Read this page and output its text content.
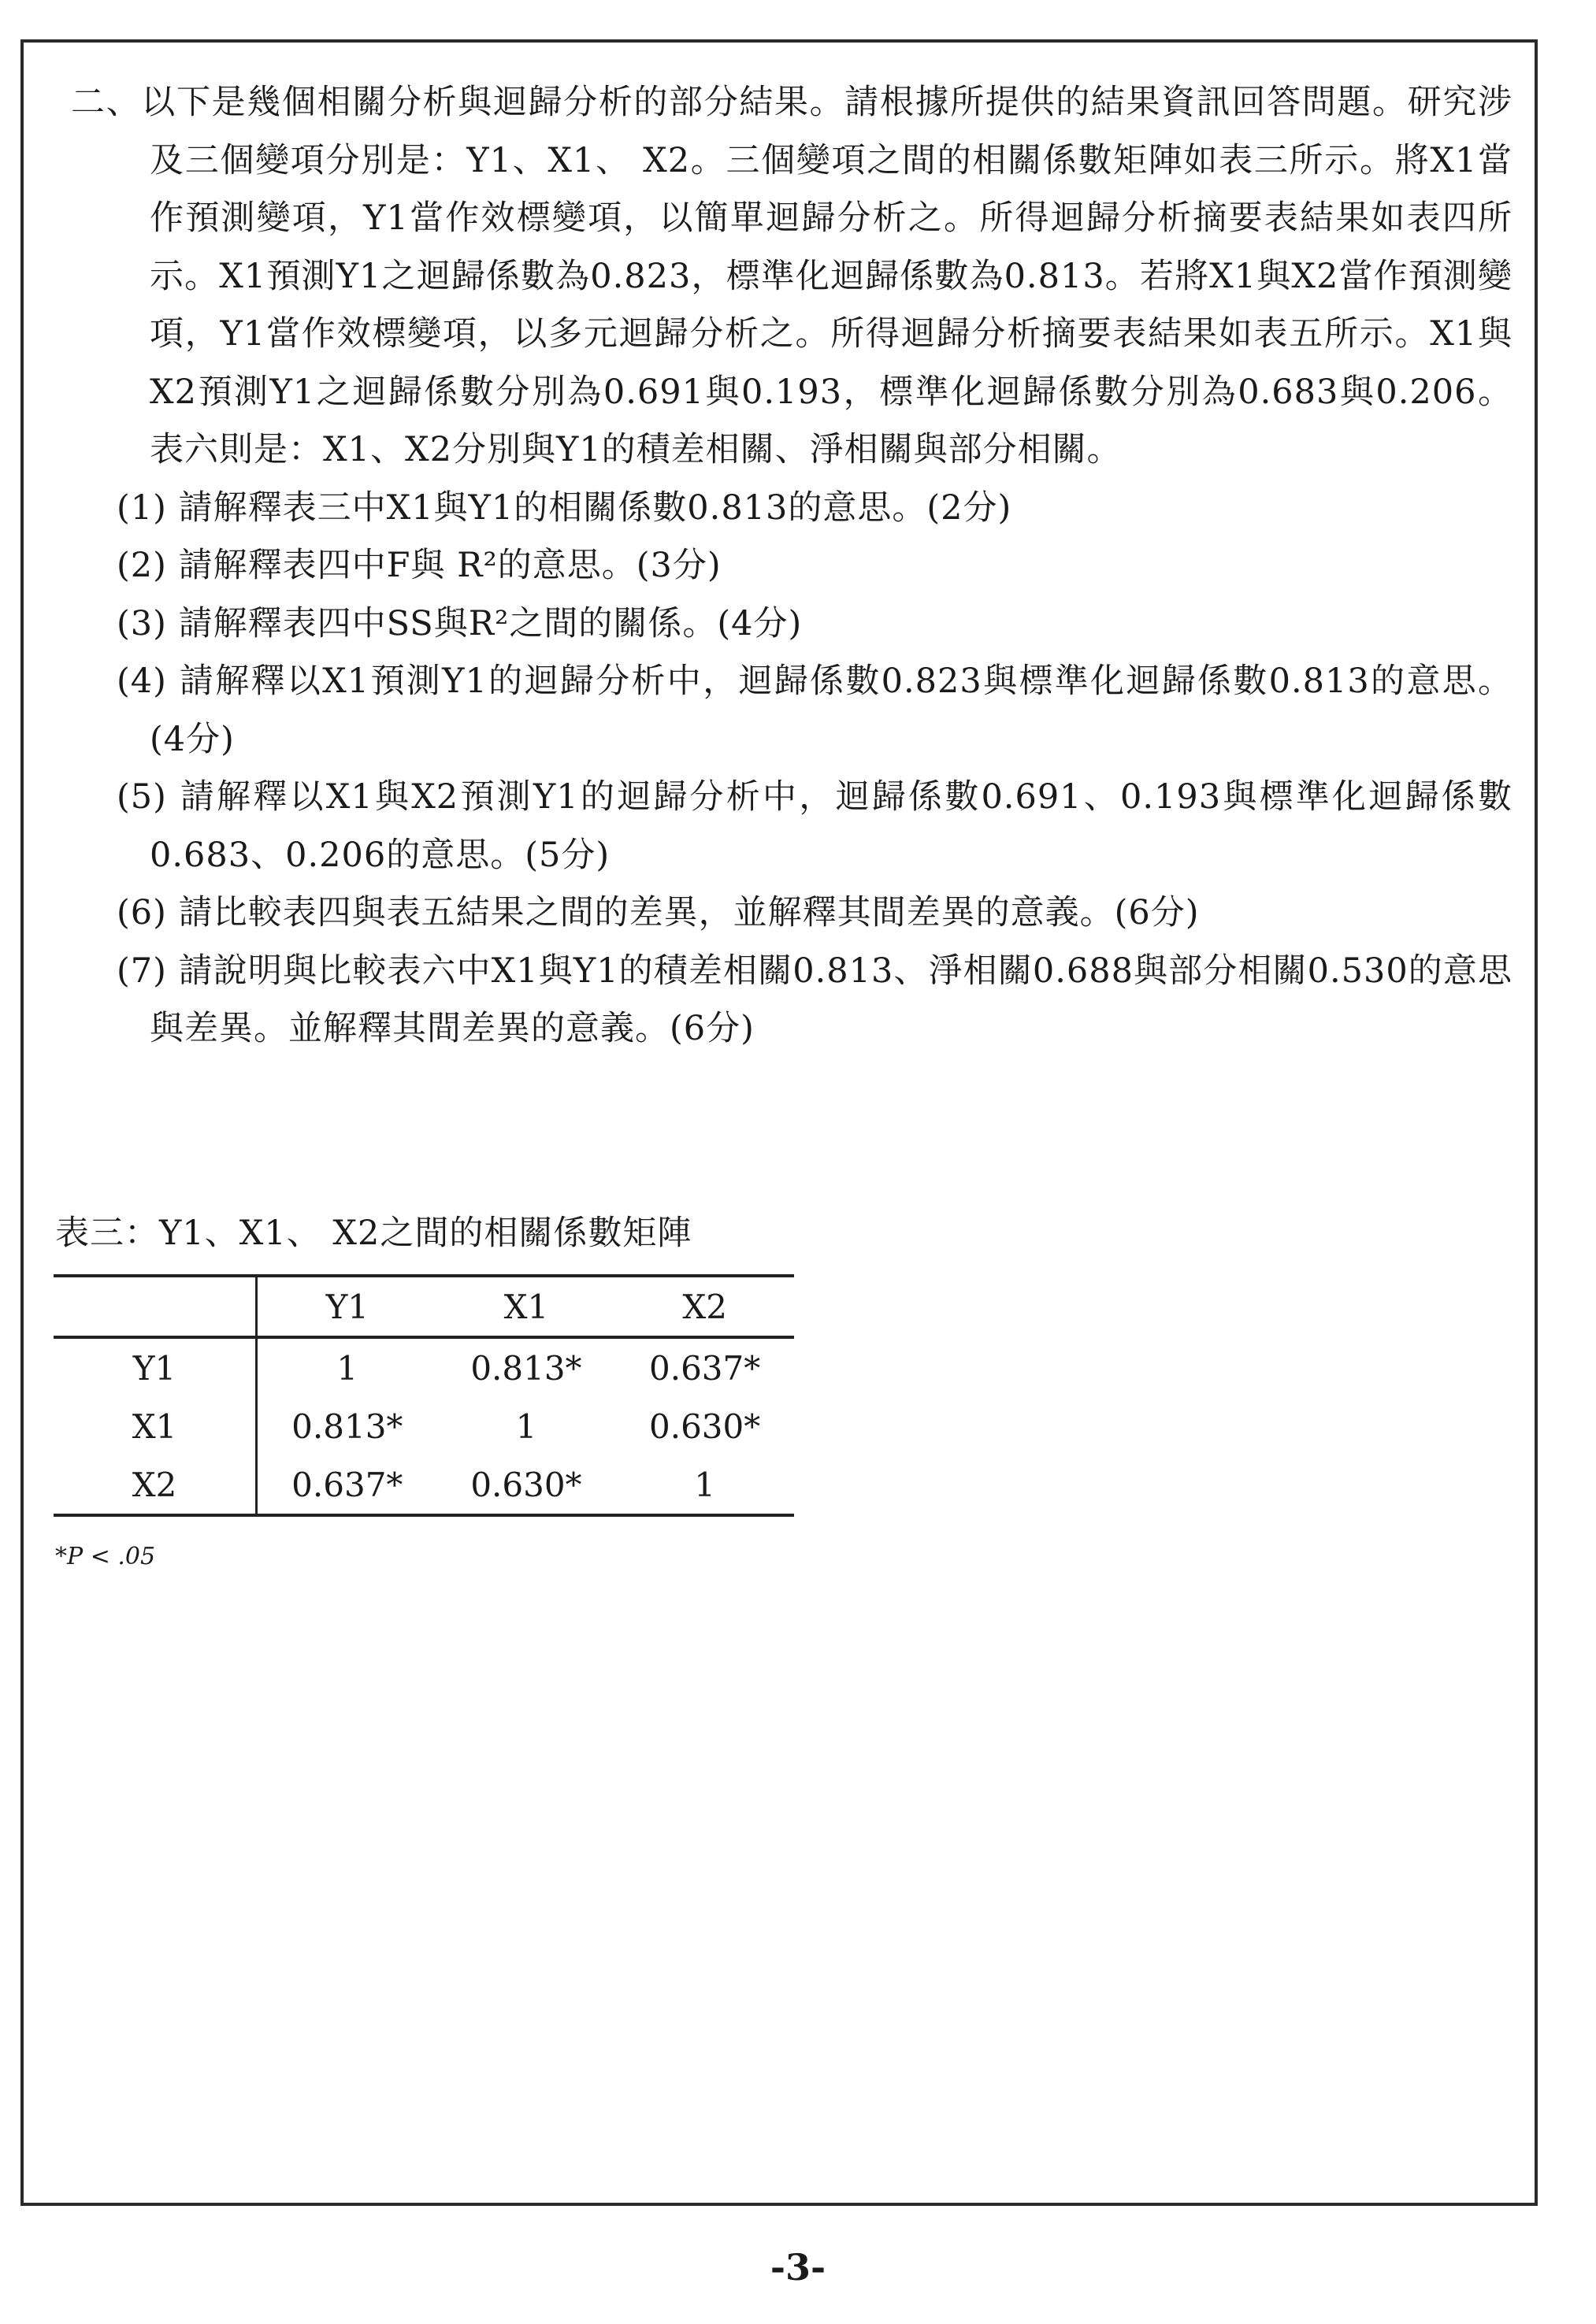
二、以下是幾個相關分析與迴歸分析的部分結果。請根據所提供的結果資訊回答問題。研究涉及三個變項分別是：Y1、X1、 X2。三個變項之間的相關係數矩陣如表三所示。將X1當作預測變項，Y1當作效標變項，以簡單迴歸分析之。所得迴歸分析摘要表結果如表四所示。X1預測Y1之迴歸係數為0.823，標準化迴歸係數為0.813。若將X1與X2當作預測變項，Y1當作效標變項，以多元迴歸分析之。所得迴歸分析摘要表結果如表五所示。X1與X2預測Y1之迴歸係數分別為0.691與0.193，標準化迴歸係數分別為0.683與0.206。表六則是：X1、X2分別與Y1的積差相關、淨相關與部分相關。

(1) 請解釋表三中X1與Y1的相關係數0.813的意思。(2分)

(2) 請解釋表四中F與 R²的意思。(3分)

(3) 請解釋表四中SS與R²之間的關係。(4分)

(4) 請解釋以X1預測Y1的迴歸分析中，迴歸係數0.823與標準化迴歸係數0.813的意思。(4分)

(5) 請解釋以X1與X2預測Y1的迴歸分析中，迴歸係數0.691、0.193與標準化迴歸係數0.683、0.206的意思。(5分)

(6) 請比較表四與表五結果之間的差異，並解釋其間差異的意義。(6分)

(7) 請說明與比較表六中X1與Y1的積差相關0.813、淨相關0.688與部分相關0.530的意思與差異。並解釋其間差異的意義。(6分)

表三：Y1、X1、 X2之間的相關係數矩陣
	Y1	X1	X2
Y1	1	0.813*	0.637*
X1	0.813*	1	0.630*
X2	0.637*	0.630*	1
*P < .05
-3-
